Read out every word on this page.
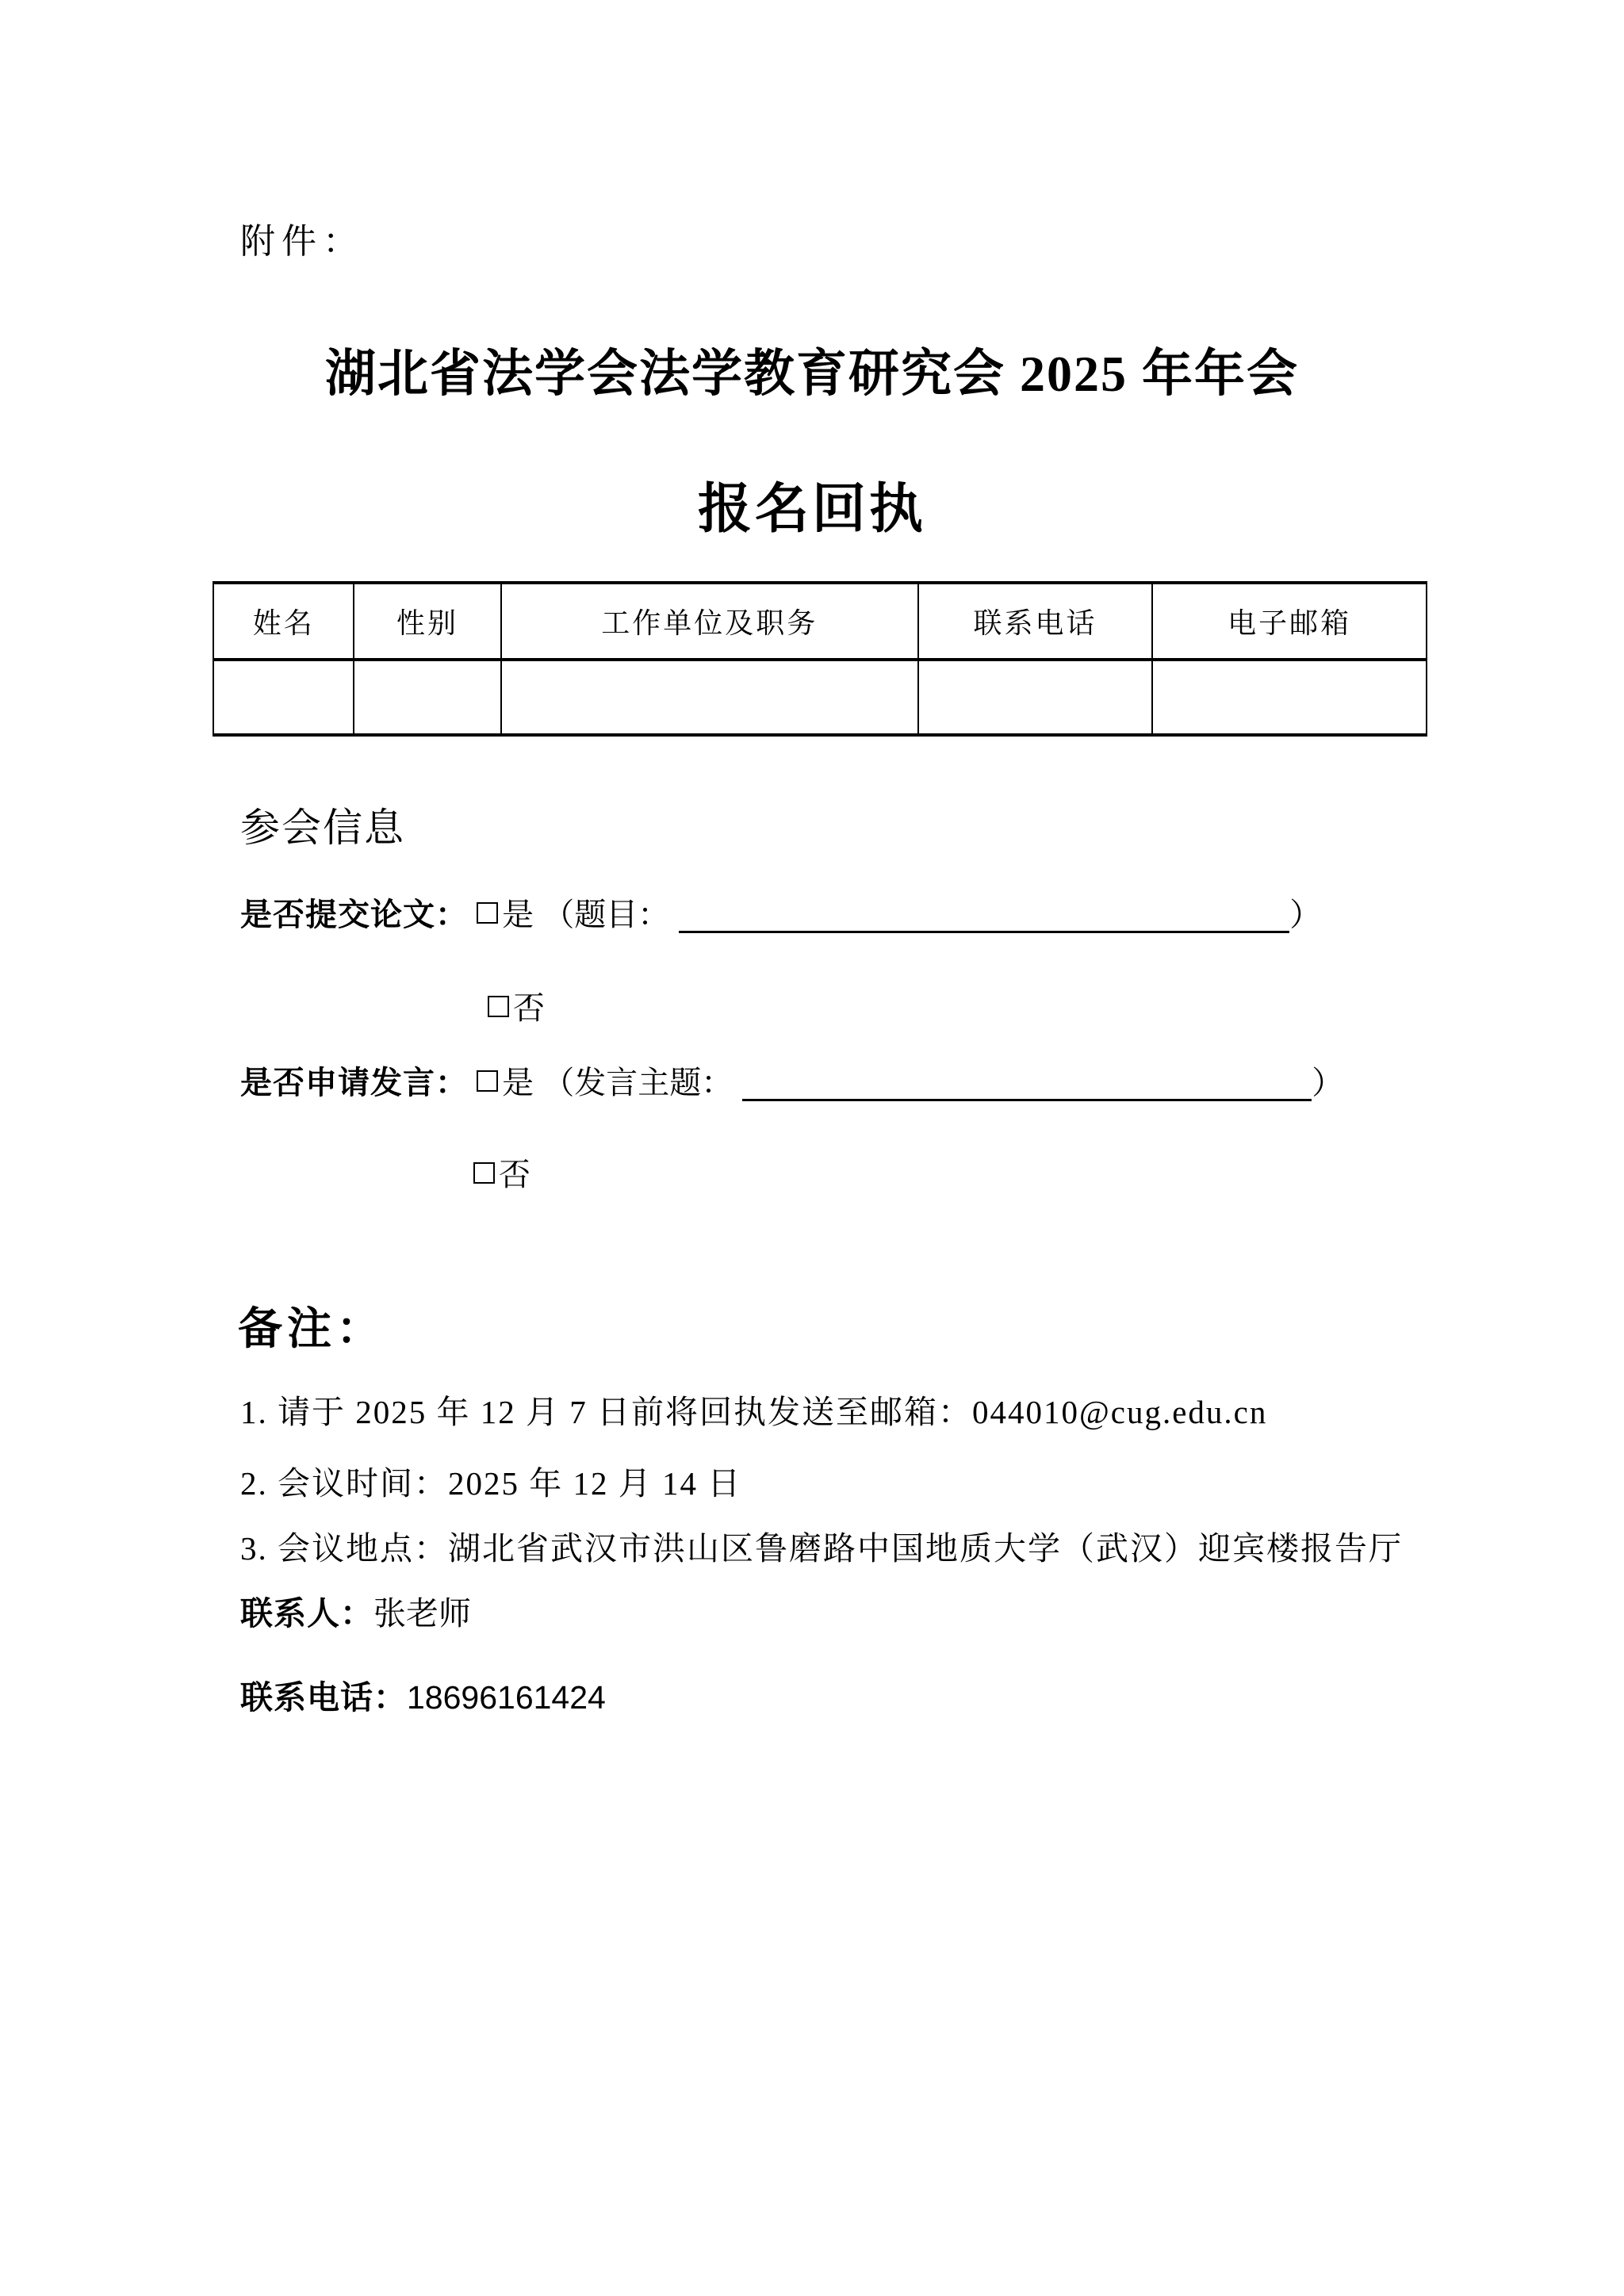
附件：
湖北省法学会法学教育研究会 2025 年年会
报名回执
姓名	性别	工作单位及职务	联系电话	电子邮箱

参会信息
是否提交论文： 是 （题目：	）
否
是否申请发言： 是 （发言主题：	）
否
备注：
1. 请于 2025 年 12 月 7 日前将回执发送至邮箱：044010@cug.edu.cn
2. 会议时间：2025 年 12 月 14 日
3. 会议地点：湖北省武汉市洪山区鲁磨路中国地质大学（武汉）迎宾楼报告厅
联系人：张老师
联系电话：18696161424
